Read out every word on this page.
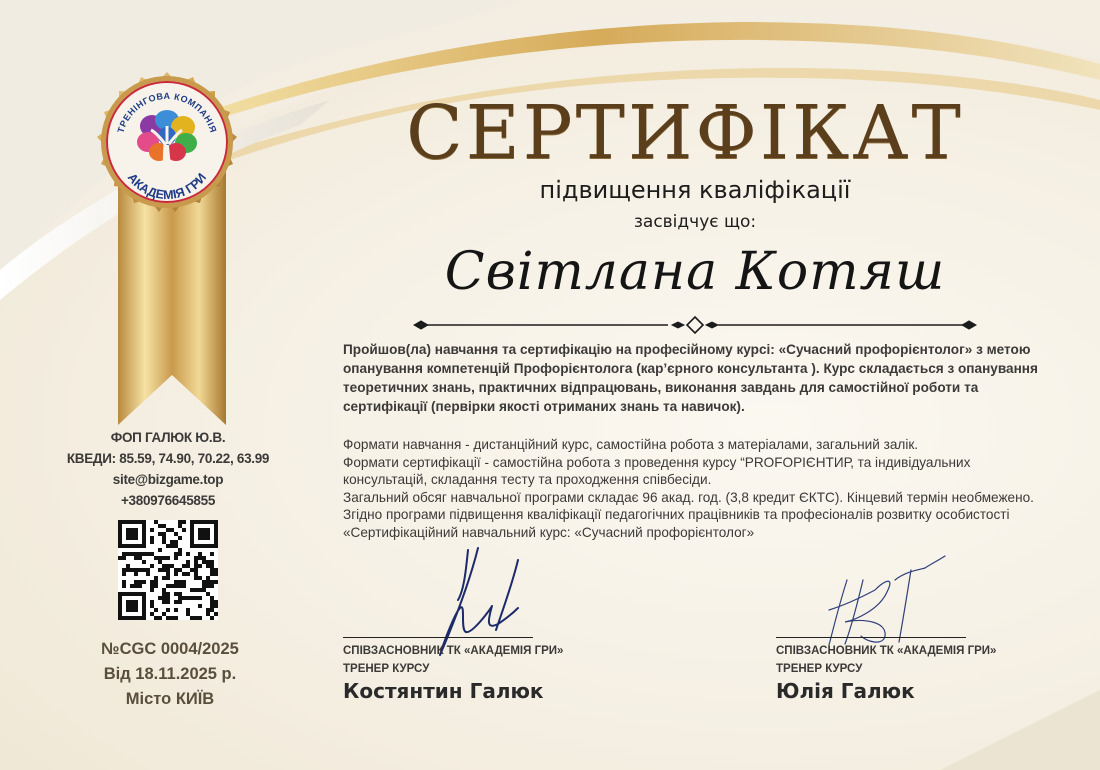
ТРЕНІНГОВА КОМПАНІЯ
АКАДЕМІЯ ГРИ
СЕРТИФІКАТ
підвищення кваліфікації
засвідчує що:
Світлана Котяш
Пройшов(ла) навчання та сертифікацію на професійному курсі: «Сучасний профорієнтолог» з метою опанування компетенцій Профорієнтолога (кар’єрного консультанта ). Курс складається з опанування теоретичних знань, практичних відпрацювань, виконання завдань для самостійної роботи та сертифікації (первірки якості отриманих знань та навичок).

Формати навчання - дистанційний курс, самостійна робота з матеріалами, загальний залік.

Формати сертифікації - самостійна робота з проведення курсу “PROFОРІЄНТИР, та індивідуальних консультацій, складання тесту та проходження співбесіди.

Загальний обсяг навчальної програми складає 96 акад. год. (3,8 кредит ЄКТС). Кінцевий термін необмежено. Згідно програми підвищення кваліфікації педагогічних працівників та професіоналів розвитку особистості «Сертифікаційний навчальний курс: «Сучасний профорієнтолог»

ФОП ГАЛЮК Ю.В.
КВЕДИ: 85.59, 74.90, 70.22, 63.99
site@bizgame.top
+380976645855
№CGC 0004/2025
Від 18.11.2025 р.
Місто КИЇВ
СПІВЗАСНОВНИК ТК «АКАДЕМІЯ ГРИ»
ТРЕНЕР КУРСУ
Костянтин Галюк
СПІВЗАСНОВНИК ТК «АКАДЕМІЯ ГРИ»
ТРЕНЕР КУРСУ
Юлія Галюк
